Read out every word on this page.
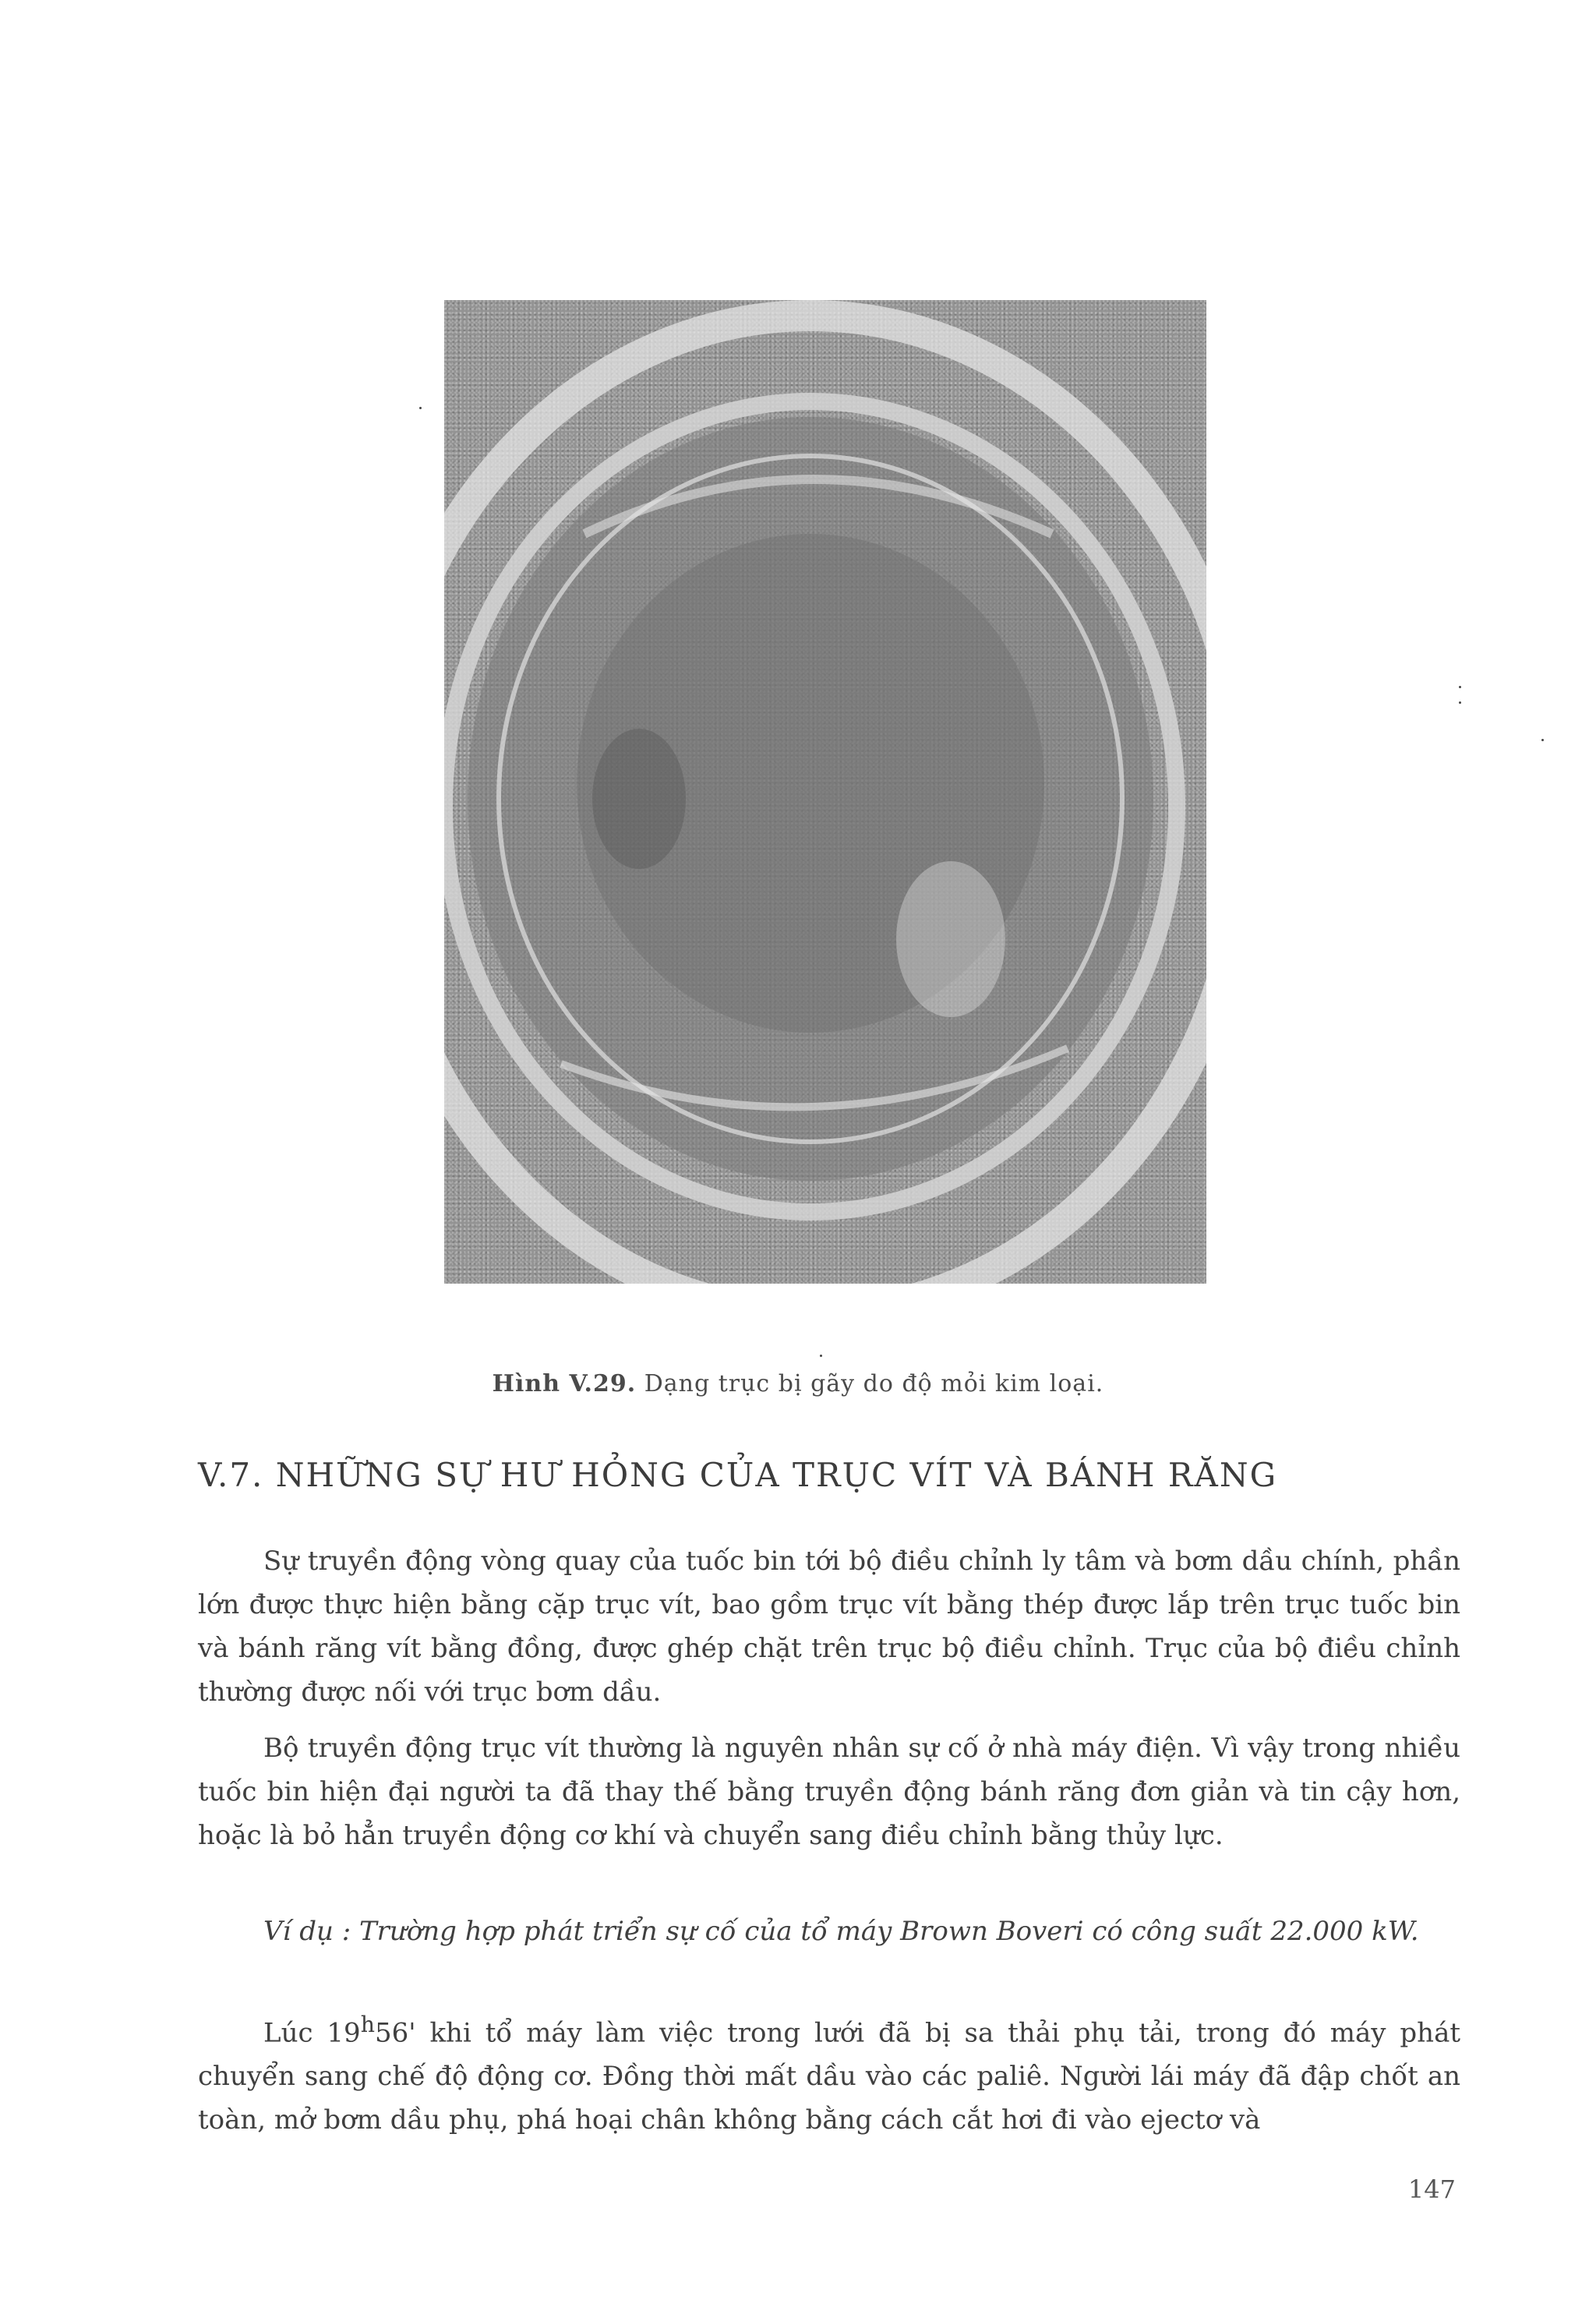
Hình V.29. Dạng trục bị gãy do độ mỏi kim loại.
V.7. NHỮNG SỰ HƯ HỎNG CỦA TRỤC VÍT VÀ BÁNH RĂNG
Sự truyền động vòng quay của tuốc bin tới bộ điều chỉnh ly tâm và bơm dầu chính, phần lớn được thực hiện bằng cặp trục vít, bao gồm trục vít bằng thép được lắp trên trục tuốc bin và bánh răng vít bằng đồng, được ghép chặt trên trục bộ điều chỉnh. Trục của bộ điều chỉnh thường được nối với trục bơm dầu.
Bộ truyền động trục vít thường là nguyên nhân sự cố ở nhà máy điện. Vì vậy trong nhiều tuốc bin hiện đại người ta đã thay thế bằng truyền động bánh răng đơn giản và tin cậy hơn, hoặc là bỏ hẳn truyền động cơ khí và chuyển sang điều chỉnh bằng thủy lực.
Ví dụ : Trường hợp phát triển sự cố của tổ máy Brown Boveri có công suất 22.000 kW.
Lúc 19$^h$56' khi tổ máy làm việc trong lưới đã bị sa thải phụ tải, trong đó máy phát chuyển sang chế độ động cơ. Đồng thời mất dầu vào các paliê. Người lái máy đã đập chốt an toàn, mở bơm dầu phụ, phá hoại chân không bằng cách cắt hơi đi vào ejectơ và
147
